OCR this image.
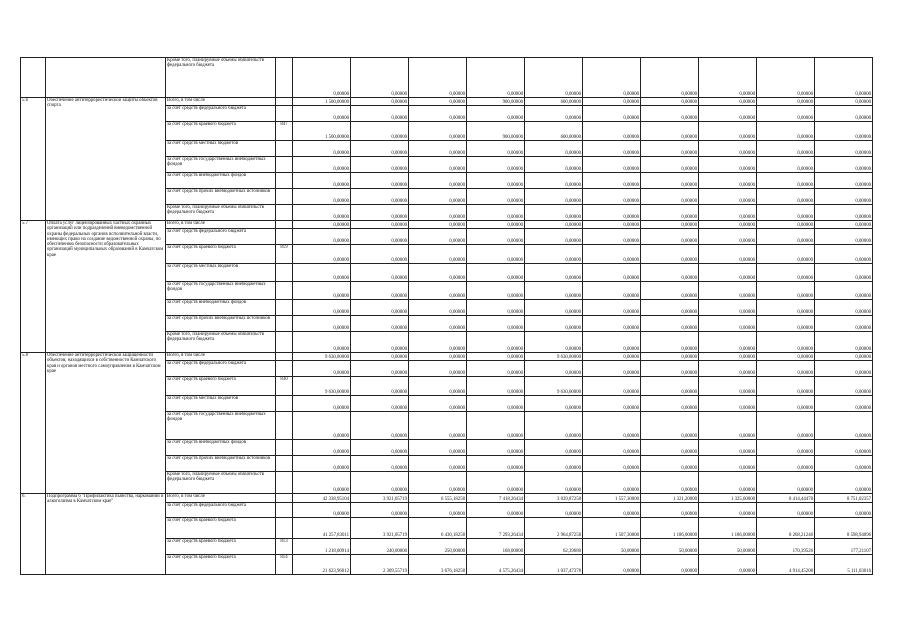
		Кроме того, планируемые объемы обязательств федерального бюджета		0,00000	0,00000	0,00000	0,00000	0,00000	0,00000	0,00000	0,00000	0,00000	0,00000
5.6	Обеспечение антитеррористической защиты объектов спорта	Всего, в том числе		1 500,00000	0,00000	0,00000	900,00000	600,00000	0,00000	0,00000	0,00000	0,00000	0,00000
		за счет средств федерального бюджета		0,00000	0,00000	0,00000	0,00000	0,00000	0,00000	0,00000	0,00000	0,00000	0,00000
		за счет средств краевого бюджета	847	1 500,00000	0,00000	0,00000	900,00000	600,00000	0,00000	0,00000	0,00000	0,00000	0,00000
		за счет средств местных бюджетов		0,00000	0,00000	0,00000	0,00000	0,00000	0,00000	0,00000	0,00000	0,00000	0,00000
		за счет средств государственных внебюджетных фондов		0,00000	0,00000	0,00000	0,00000	0,00000	0,00000	0,00000	0,00000	0,00000	0,00000
		за счет средств внебюджетных фондов		0,00000	0,00000	0,00000	0,00000	0,00000	0,00000	0,00000	0,00000	0,00000	0,00000
		за счет средств прочих внебюджетных источников		0,00000	0,00000	0,00000	0,00000	0,00000	0,00000	0,00000	0,00000	0,00000	0,00000
		Кроме того, планируемые объемы обязательств федерального бюджета		0,00000	0,00000	0,00000	0,00000	0,00000	0,00000	0,00000	0,00000	0,00000	0,00000
5.7	Оплата услуг лицензированных частных охранных организаций или подразделений вневедомственной охраны федеральных органов исполнительной власти, имеющих право на создание ведомственной охраны, по обеспечению безопасности образовательных организаций муниципальных образований в Камчатском крае	Всего, в том числе		0,00000	0,00000	0,00000	0,00000	0,00000	0,00000	0,00000	0,00000	0,00000	0,00000
		за счет средств федерального бюджета		0,00000	0,00000	0,00000	0,00000	0,00000	0,00000	0,00000	0,00000	0,00000	0,00000
		за счет средств краевого бюджета	819	0,00000	0,00000	0,00000	0,00000	0,00000	0,00000	0,00000	0,00000	0,00000	0,00000
		за счет средств местных бюджетов		0,00000	0,00000	0,00000	0,00000	0,00000	0,00000	0,00000	0,00000	0,00000	0,00000
		за счет средств государственных внебюджетных фондов		0,00000	0,00000	0,00000	0,00000	0,00000	0,00000	0,00000	0,00000	0,00000	0,00000
		за счет средств внебюджетных фондов		0,00000	0,00000	0,00000	0,00000	0,00000	0,00000	0,00000	0,00000	0,00000	0,00000
		за счет средств прочих внебюджетных источников		0,00000	0,00000	0,00000	0,00000	0,00000	0,00000	0,00000	0,00000	0,00000	0,00000
		Кроме того, планируемые объемы обязательств федерального бюджета		0,00000	0,00000	0,00000	0,00000	0,00000	0,00000	0,00000	0,00000	0,00000	0,00000
5.8	Обеспечение антитеррористической защищенности объектов, находящихся в собственности Камчатского края и органов местного самоуправления в Камчатском крае	Всего, в том числе		9 630,00000	0,00000	0,00000	0,00000	9 630,00000	0,00000	0,00000	0,00000	0,00000	0,00000
		за счет средств федерального бюджета		0,00000	0,00000	0,00000	0,00000	0,00000	0,00000	0,00000	0,00000	0,00000	0,00000
		за счет средств краевого бюджета	830	9 630,00000	0,00000	0,00000	0,00000	9 630,00000	0,00000	0,00000	0,00000	0,00000	0,00000
		за счет средств местных бюджетов		0,00000	0,00000	0,00000	0,00000	0,00000	0,00000	0,00000	0,00000	0,00000	0,00000
		за счет средств государственных внебюджетных фондов		0,00000	0,00000	0,00000	0,00000	0,00000	0,00000	0,00000	0,00000	0,00000	0,00000
		за счет средств внебюджетных фондов		0,00000	0,00000	0,00000	0,00000	0,00000	0,00000	0,00000	0,00000	0,00000	0,00000
		за счет средств прочих внебюджетных источников		0,00000	0,00000	0,00000	0,00000	0,00000	0,00000	0,00000	0,00000	0,00000	0,00000
		Кроме того, планируемые объемы обязательств федерального бюджета		0,00000	0,00000	0,00000	0,00000	0,00000	0,00000	0,00000	0,00000	0,00000	0,00000
6.	Подпрограмма 6 "Профилактика пьянства, наркомании и алкоголизма в Камчатском крае"	Всего, в том числе		42 338,95104	3 921,05719	6 555,18258	7 418,26434	3 039,87258	1 557,30000	1 321,20000	1 325,60000	8 414,44478	8 751,02357
		за счет средств федерального бюджета		0,00000	0,00000	0,00000	0,00000	0,00000	0,00000	0,00000	0,00000	0,00000	0,00000
		за счет средств краевого бюджета		41 257,83011	3 921,05719	6 430,18258	7 293,26434	2 964,87258	1 507,30000	1 186,00000	1 186,00000	8 268,21246	8 598,94096
		за счет средств краевого бюджета	813	1 218,00914	240,00000	250,00000	168,00000	62,39680	50,00000	50,00000	50,00000	170,39526	177,21107
		за счет средств краевого бюджета	814	21 623,96012	2 309,55719	3 676,18258	4 575,26434	1 037,47378	0,00000	0,00000	0,00000	4 914,45208	5 111,03016
